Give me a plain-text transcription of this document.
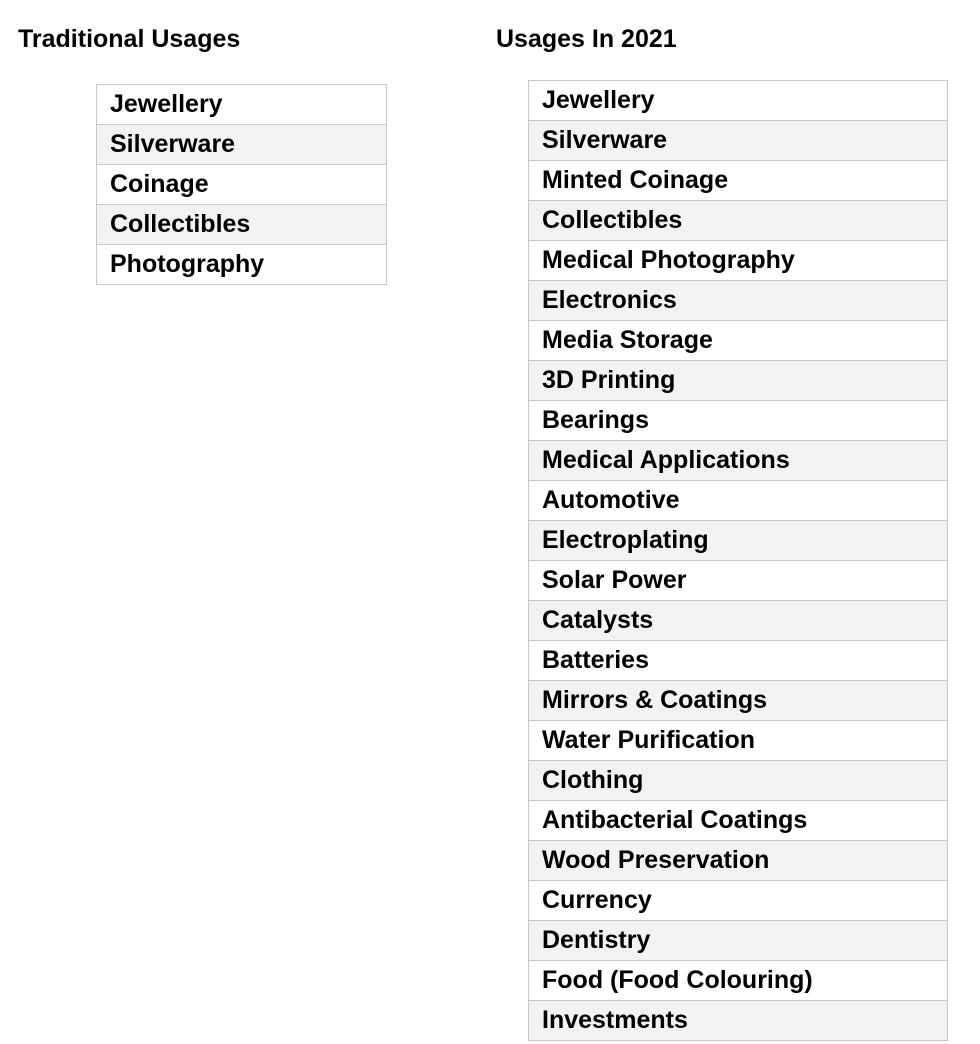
Traditional Usages	Usages In 2021
Jewellery
Silverware
Coinage
Collectibles
Photography
Jewellery
Silverware
Minted Coinage
Collectibles
Medical Photography
Electronics
Media Storage
3D Printing
Bearings
Medical Applications
Automotive
Electroplating
Solar Power
Catalysts
Batteries
Mirrors & Coatings
Water Purification
Clothing
Antibacterial Coatings
Wood Preservation
Currency
Dentistry
Food (Food Colouring)
Investments
